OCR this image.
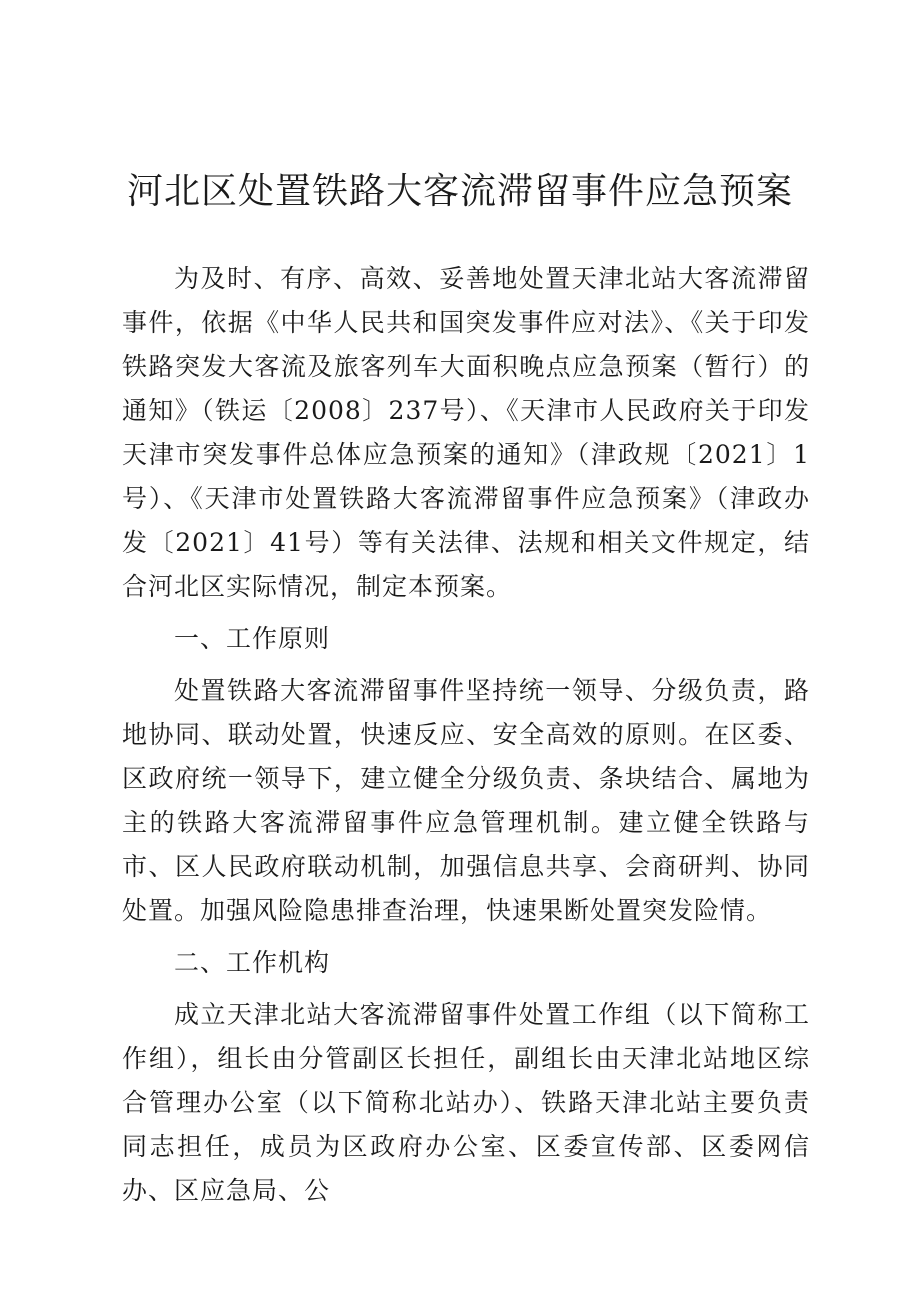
河北区处置铁路大客流滞留事件应急预案

为及时、有序、高效、妥善地处置天津北站大客流滞留事件，依据《中华人民共和国突发事件应对法》、《关于印发铁路突发大客流及旅客列车大面积晚点应急预案（暂行）的通知》（铁运〔2008〕237号）、《天津市人民政府关于印发天津市突发事件总体应急预案的通知》（津政规〔2021〕1号）、《天津市处置铁路大客流滞留事件应急预案》（津政办发〔2021〕41号）等有关法律、法规和相关文件规定，结合河北区实际情况，制定本预案。

一、工作原则

处置铁路大客流滞留事件坚持统一领导、分级负责，路地协同、联动处置，快速反应、安全高效的原则。在区委、区政府统一领导下，建立健全分级负责、条块结合、属地为主的铁路大客流滞留事件应急管理机制。建立健全铁路与市、区人民政府联动机制，加强信息共享、会商研判、协同处置。加强风险隐患排查治理，快速果断处置突发险情。

二、工作机构

成立天津北站大客流滞留事件处置工作组（以下简称工作组），组长由分管副区长担任，副组长由天津北站地区综合管理办公室（以下简称北站办）、铁路天津北站主要负责同志担任，成员为区政府办公室、区委宣传部、区委网信办、区应急局、公
